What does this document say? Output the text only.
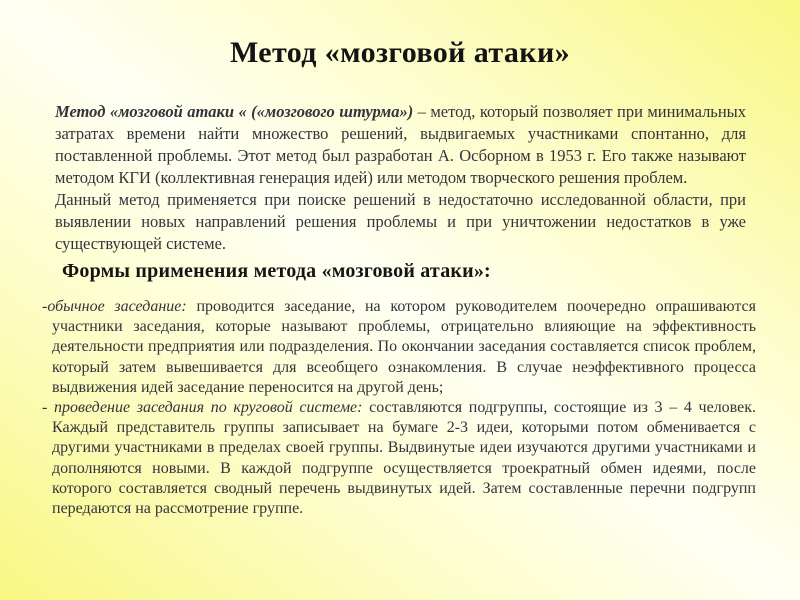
Метод «мозговой атаки»

Метод «мозговой атаки « («мозгового штурма») – метод, который позволяет при минимальных затратах времени найти множество решений, выдвигаемых участниками спонтанно, для поставленной проблемы. Этот метод был разработан А. Осборном в 1953 г. Его также называют методом КГИ (коллективная генерация идей) или методом творческого решения проблем.

Данный метод применяется при поиске решений в недостаточно исследованной области, при выявлении новых направлений решения проблемы и при уничтожении недостатков в уже существующей системе.

Формы применения метода «мозговой атаки»:

-обычное заседание: проводится заседание, на котором руководителем поочередно опрашиваются участники заседания, которые называют проблемы, отрицательно влияющие на эффективность деятельности предприятия или подразделения. По окончании заседания составляется список проблем, который затем вывешивается для всеобщего ознакомления. В случае неэффективного процесса выдвижения идей заседание переносится на другой день;

- проведение заседания по круговой системе: составляются подгруппы, состоящие из 3 – 4 человек. Каждый представитель группы записывает на бумаге 2-3 идеи, которыми потом обменивается с другими участниками в пределах своей группы. Выдвинутые идеи изучаются другими участниками и дополняются новыми. В каждой подгруппе осуществляется троекратный обмен идеями, после которого составляется сводный перечень выдвинутых идей. Затем составленные перечни подгрупп передаются на рассмотрение группе.
